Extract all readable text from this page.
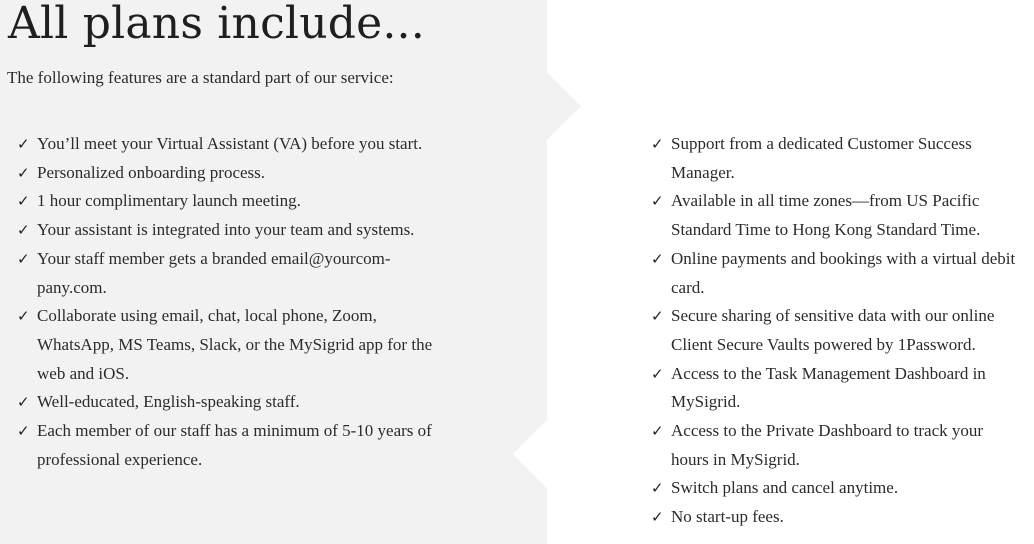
All plans include...

The following features are a standard part of our service:

✓ You’ll meet your Virtual Assistant (VA) before you start.
✓ Personalized onboarding process.
✓ 1 hour complimentary launch meeting.
✓ Your assistant is integrated into your team and systems.
✓ Your staff member gets a branded email@yourcompany.com.
✓ Collaborate using email, chat, local phone, Zoom, WhatsApp, MS Teams, Slack, or the MySigrid app for the web and iOS.
✓ Well-educated, English-speaking staff.
✓ Each member of our staff has a minimum of 5-10 years of professional experience.
✓ Support from a dedicated Customer Success Manager.
✓ Available in all time zones—from US Pacific Standard Time to Hong Kong Standard Time.
✓ Online payments and bookings with a virtual debit card.
✓ Secure sharing of sensitive data with our online Client Secure Vaults powered by 1Password.
✓ Access to the Task Management Dashboard in MySigrid.
✓ Access to the Private Dashboard to track your hours in MySigrid.
✓ Switch plans and cancel anytime.
✓ No start-up fees.
